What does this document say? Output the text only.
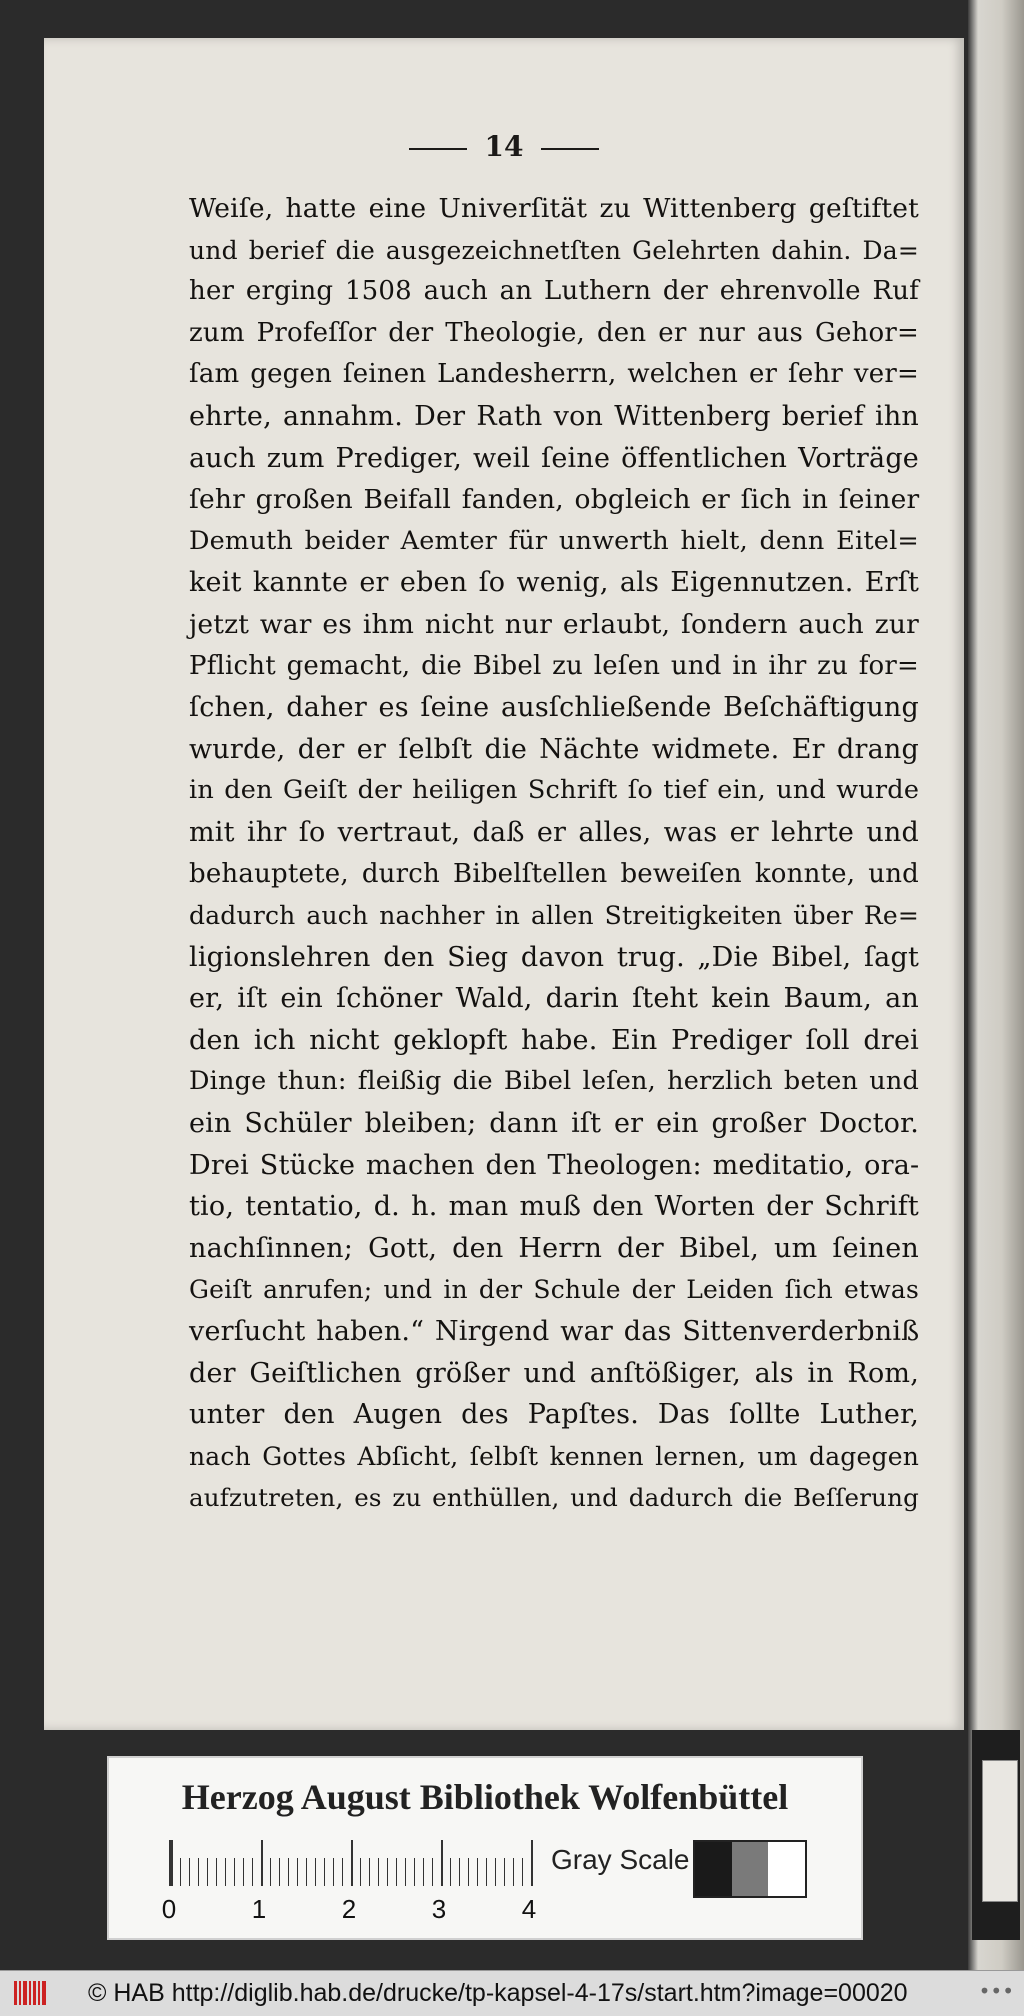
14
Weiſe, hatte eine Univerſität zu Wittenberg geſtiftet
und berief die ausgezeichnetſten Gelehrten dahin. Da=
her erging 1508 auch an Luthern der ehrenvolle Ruf
zum Profeſſor der Theologie, den er nur aus Gehor=
ſam gegen ſeinen Landesherrn, welchen er ſehr ver=
ehrte, annahm. Der Rath von Wittenberg berief ihn
auch zum Prediger, weil ſeine öffentlichen Vorträge
ſehr großen Beifall fanden, obgleich er ſich in ſeiner
Demuth beider Aemter für unwerth hielt, denn Eitel=
keit kannte er eben ſo wenig, als Eigennutzen. Erſt
jetzt war es ihm nicht nur erlaubt, ſondern auch zur
Pflicht gemacht, die Bibel zu leſen und in ihr zu for=
ſchen, daher es ſeine ausſchließende Beſchäftigung
wurde, der er ſelbſt die Nächte widmete. Er drang
in den Geiſt der heiligen Schrift ſo tief ein, und wurde
mit ihr ſo vertraut, daß er alles, was er lehrte und
behauptete, durch Bibelſtellen beweiſen konnte, und
dadurch auch nachher in allen Streitigkeiten über Re=
ligionslehren den Sieg davon trug. „Die Bibel, ſagt
er, iſt ein ſchöner Wald, darin ſteht kein Baum, an
den ich nicht geklopft habe. Ein Prediger ſoll drei
Dinge thun: fleißig die Bibel leſen, herzlich beten und
ein Schüler bleiben; dann iſt er ein großer Doctor.
Drei Stücke machen den Theologen: meditatio, ora-
tio, tentatio, d. h. man muß den Worten der Schrift
nachſinnen; Gott, den Herrn der Bibel, um ſeinen
Geiſt anrufen; und in der Schule der Leiden ſich etwas
verſucht haben.“ Nirgend war das Sittenverderbniß
der Geiſtlichen größer und anſtößiger, als in Rom,
unter den Augen des Papſtes. Das ſollte Luther,
nach Gottes Abſicht, ſelbſt kennen lernen, um dagegen
aufzutreten, es zu enthüllen, und dadurch die Beſſerung
Herzog August Bibliothek Wolfenbüttel
0	1	2	3	4
Gray Scale
© HAB http://diglib.hab.de/drucke/tp-kapsel-4-17s/start.htm?image=00020	•••
